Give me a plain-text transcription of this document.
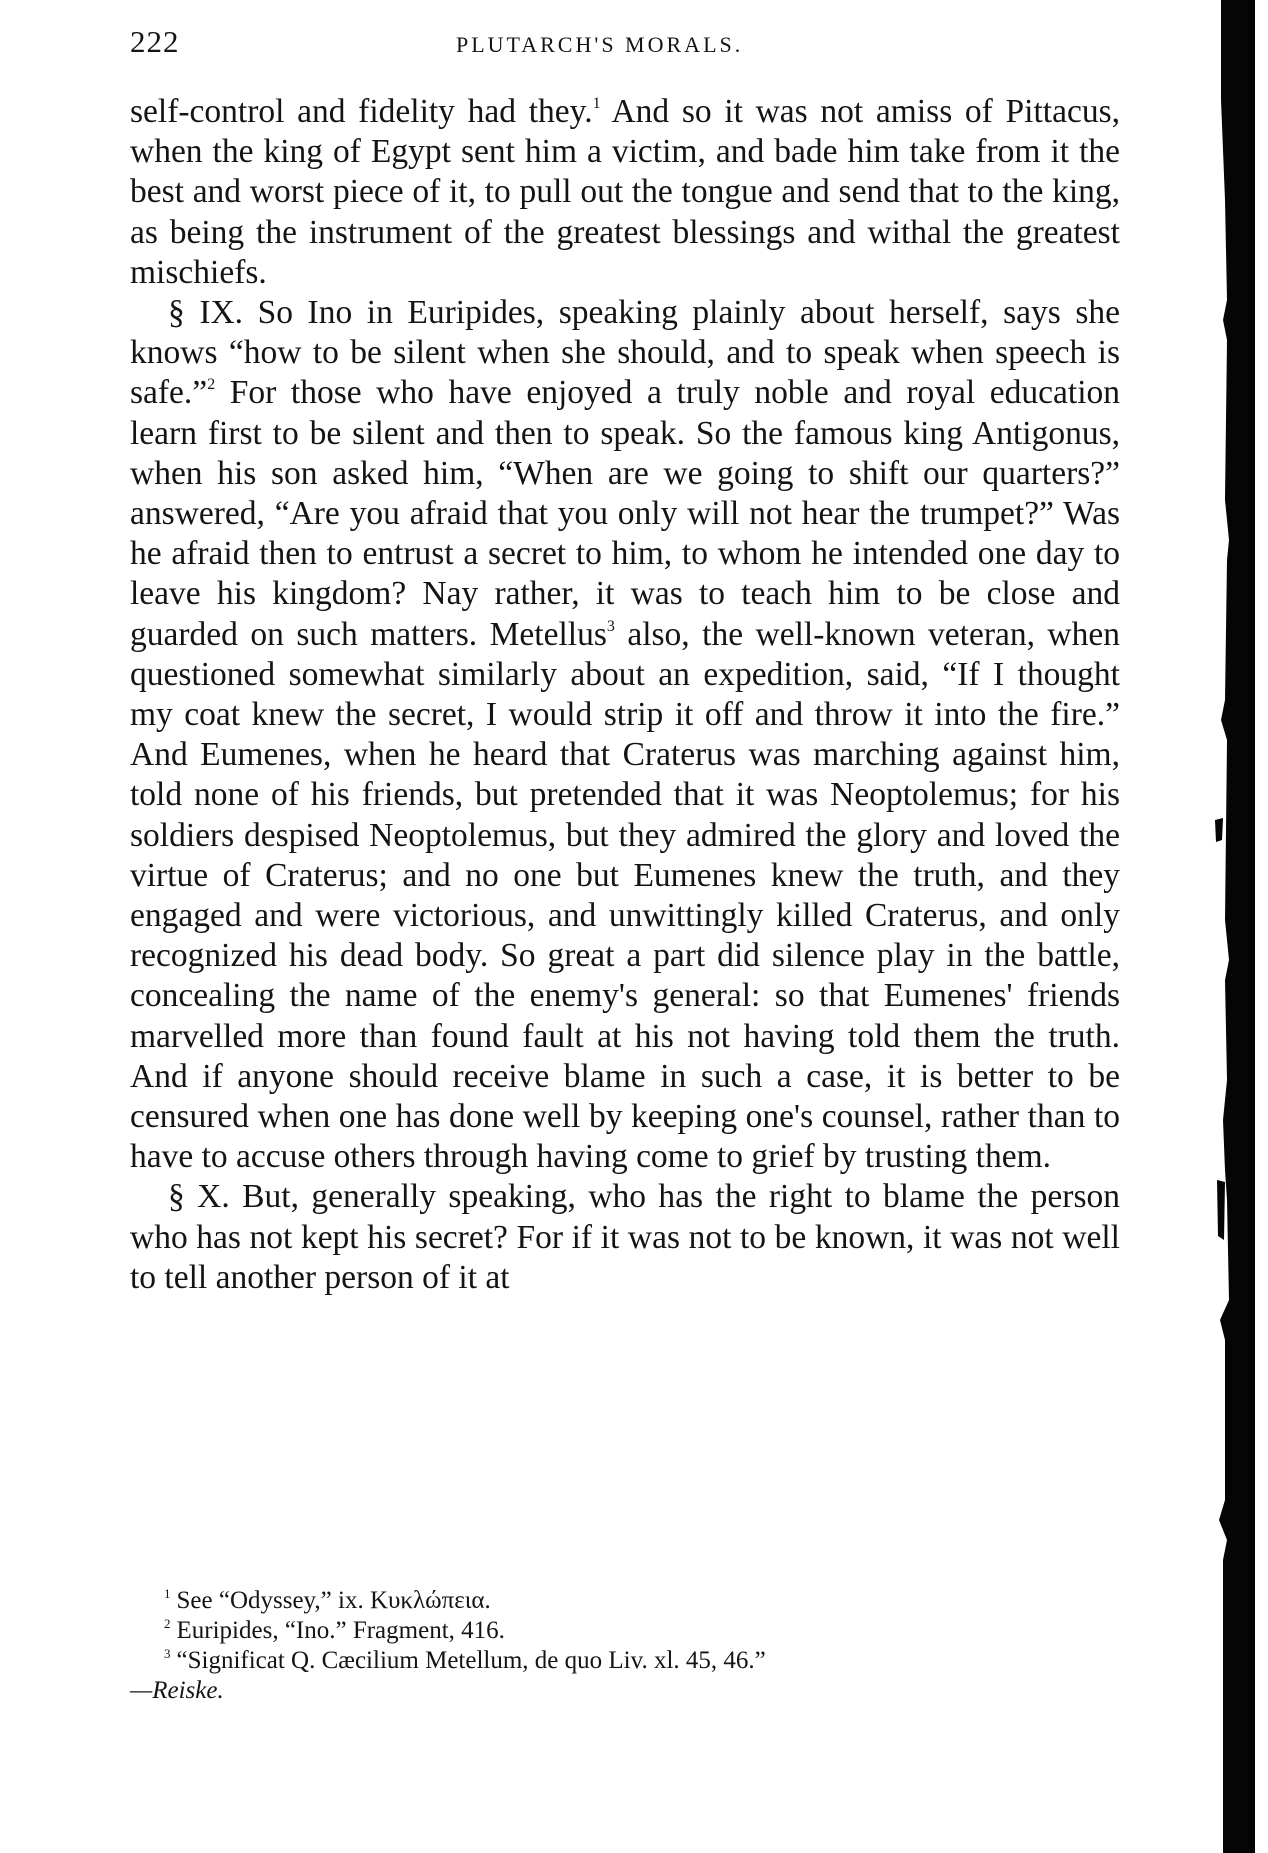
222	PLUTARCH'S MORALS.

self-control and fidelity had they.$^1$ And so it was not amiss of Pittacus, when the king of Egypt sent him a victim, and bade him take from it the best and worst piece of it, to pull out the tongue and send that to the king, as being the instrument of the greatest blessings and withal the greatest mischiefs.

§ IX. So Ino in Euripides, speaking plainly about herself, says she knows “how to be silent when she should, and to speak when speech is safe.”$^2$ For those who have enjoyed a truly noble and royal education learn first to be silent and then to speak. So the famous king Antigonus, when his son asked him, “When are we going to shift our quarters?” answered, “Are you afraid that you only will not hear the trumpet?” Was he afraid then to entrust a secret to him, to whom he intended one day to leave his kingdom? Nay rather, it was to teach him to be close and guarded on such matters. Metellus$^3$ also, the well-known veteran, when questioned somewhat similarly about an expedition, said, “If I thought my coat knew the secret, I would strip it off and throw it into the fire.” And Eumenes, when he heard that Craterus was marching against him, told none of his friends, but pretended that it was Neoptolemus; for his soldiers despised Neoptolemus, but they admired the glory and loved the virtue of Craterus; and no one but Eumenes knew the truth, and they engaged and were victorious, and unwittingly killed Craterus, and only recognized his dead body. So great a part did silence play in the battle, concealing the name of the enemy's general: so that Eumenes' friends marvelled more than found fault at his not having told them the truth. And if anyone should receive blame in such a case, it is better to be censured when one has done well by keeping one's counsel, rather than to have to accuse others through having come to grief by trusting them.

§ X. But, generally speaking, who has the right to blame the person who has not kept his secret? For if it was not to be known, it was not well to tell another person of it at

$^1$ See “Odyssey,” ix. Κυκλώπεια.

$^2$ Euripides, “Ino.” Fragment, 416.

$^3$ “Significat Q. Cæcilium Metellum, de quo Liv. xl. 45, 46.”
—Reiske.
